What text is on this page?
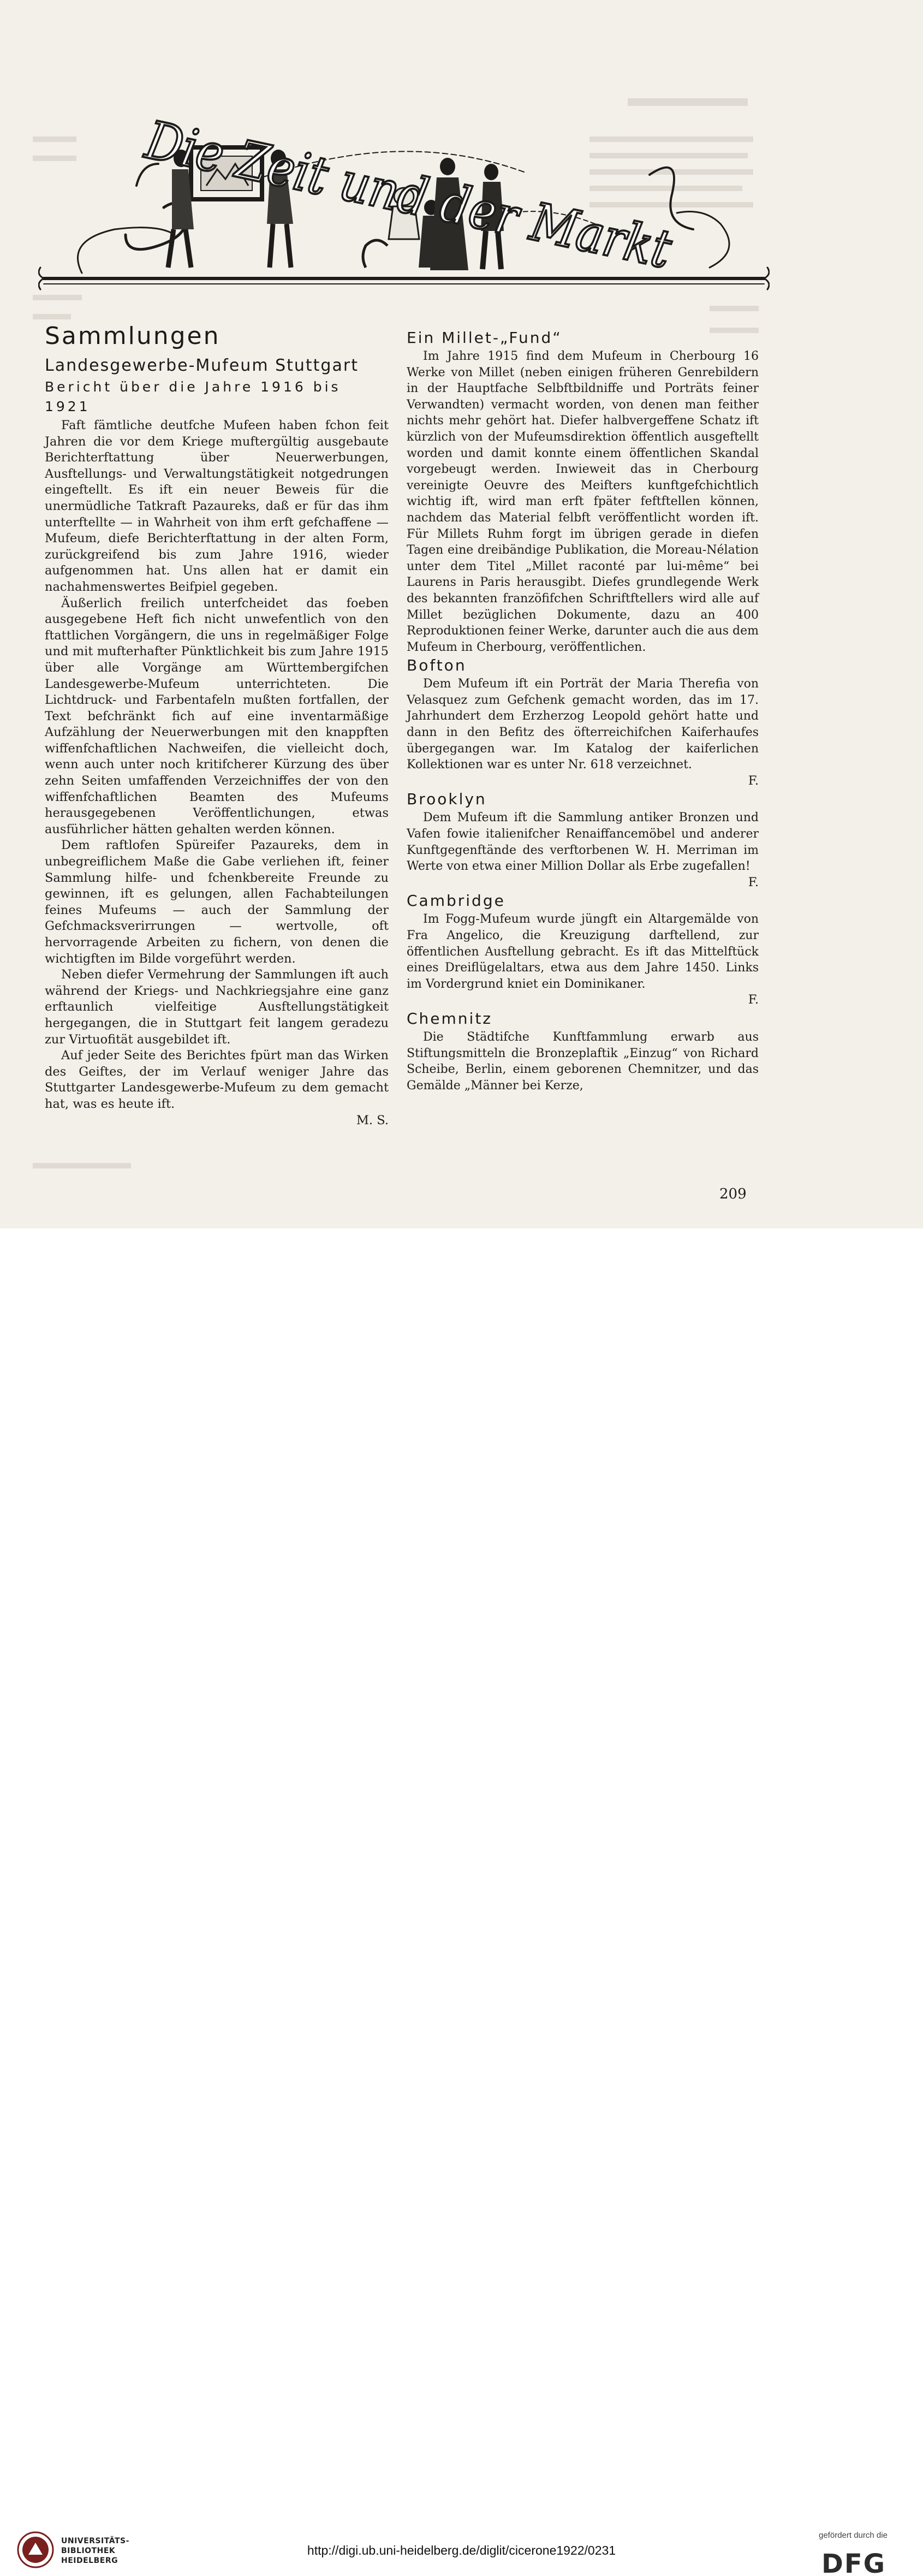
Die Zeit und der Markt
Sammlungen
Landesgewerbe-Mufeum Stuttgart
Bericht über die Jahre 1916 bis 1921

Faft fämtliche deutfche Mufeen haben fchon feit Jahren die vor dem Kriege muftergültig ausgebaute Berichterftattung über Neuerwerbungen, Ausftellungs- und Verwaltungstätigkeit notgedrungen eingeftellt. Es ift ein neuer Beweis für die unermüdliche Tatkraft Pazaureks, daß er für das ihm unterftellte — in Wahrheit von ihm erft gefchaffene — Mufeum, diefe Berichterftattung in der alten Form, zurückgreifend bis zum Jahre 1916, wieder aufgenommen hat. Uns allen hat er damit ein nachahmenswertes Beifpiel gegeben.

Äußerlich freilich unterfcheidet das foeben ausgegebene Heft fich nicht unwefentlich von den ftattlichen Vorgängern, die uns in regelmäßiger Folge und mit mufterhafter Pünktlichkeit bis zum Jahre 1915 über alle Vorgänge am Württembergifchen Landesgewerbe-Mufeum unterrichteten. Die Lichtdruck- und Farbentafeln mußten fortfallen, der Text befchränkt fich auf eine inventarmäßige Aufzählung der Neuerwerbungen mit den knappften wiffenfchaftlichen Nachweifen, die vielleicht doch, wenn auch unter noch kritifcherer Kürzung des über zehn Seiten umfaffenden Verzeichniffes der von den wiffenfchaftlichen Beamten des Mufeums herausgegebenen Veröffentlichungen, etwas ausführlicher hätten gehalten werden können.

Dem raftlofen Spüreifer Pazaureks, dem in unbegreiflichem Maße die Gabe verliehen ift, feiner Sammlung hilfe- und fchenkbereite Freunde zu gewinnen, ift es gelungen, allen Fachabteilungen feines Mufeums — auch der Sammlung der Gefchmacksverirrungen — wertvolle, oft hervorragende Arbeiten zu fichern, von denen die wichtigften im Bilde vorgeführt werden.

Neben diefer Vermehrung der Sammlungen ift auch während der Kriegs- und Nachkriegsjahre eine ganz erftaunlich vielfeitige Ausftellungstätigkeit hergegangen, die in Stuttgart feit langem geradezu zur Virtuofität ausgebildet ift.

Auf jeder Seite des Berichtes fpürt man das Wirken des Geiftes, der im Verlauf weniger Jahre das Stuttgarter Landesgewerbe-Mufeum zu dem gemacht hat, was es heute ift.

M. S.
Ein Millet-„Fund“

Im Jahre 1915 find dem Mufeum in Cherbourg 16 Werke von Millet (neben einigen früheren Genrebildern in der Hauptfache Selbftbildniffe und Porträts feiner Verwandten) vermacht worden, von denen man feither nichts mehr gehört hat. Diefer halbvergeffene Schatz ift kürzlich von der Mufeumsdirektion öffentlich ausgeftellt worden und damit konnte einem öffentlichen Skandal vorgebeugt werden. Inwieweit das in Cherbourg vereinigte Oeuvre des Meifters kunftgefchichtlich wichtig ift, wird man erft fpäter feftftellen können, nachdem das Material felbft veröffentlicht worden ift. Für Millets Ruhm forgt im übrigen gerade in diefen Tagen eine dreibändige Publikation, die Moreau-Nélation unter dem Titel „Millet raconté par lui-même“ bei Laurens in Paris herausgibt. Diefes grundlegende Werk des bekannten franzöfifchen Schriftftellers wird alle auf Millet bezüglichen Dokumente, dazu an 400 Reproduktionen feiner Werke, darunter auch die aus dem Mufeum in Cherbourg, veröffentlichen.

Bofton

Dem Mufeum ift ein Porträt der Maria Therefia von Velasquez zum Gefchenk gemacht worden, das im 17. Jahrhundert dem Erzherzog Leopold gehört hatte und dann in den Befitz des öfterreichifchen Kaiferhaufes übergegangen war. Im Katalog der kaiferlichen Kollektionen war es unter Nr. 618 verzeichnet.

F.
Brooklyn

Dem Mufeum ift die Sammlung antiker Bronzen und Vafen fowie italienifcher Renaiffancemöbel und anderer Kunftgegenftände des verftorbenen W. H. Merriman im Werte von etwa einer Million Dollar als Erbe zugefallen!

F.
Cambridge

Im Fogg-Mufeum wurde jüngft ein Altargemälde von Fra Angelico, die Kreuzigung darftellend, zur öffentlichen Ausftellung gebracht. Es ift das Mittelftück eines Dreiflügelaltars, etwa aus dem Jahre 1450. Links im Vordergrund kniet ein Dominikaner.

F.
Chemnitz

Die Städtifche Kunftfammlung erwarb aus Stiftungsmitteln die Bronzeplaftik „Einzug“ von Richard Scheibe, Berlin, einem geborenen Chemnitzer, und das Gemälde „Männer bei Kerze,

209
UNIVERSITÄTS-
BIBLIOTHEK
HEIDELBERG
http://digi.ub.uni-heidelberg.de/diglit/cicerone1922/0231
gefördert durch die
DFG
